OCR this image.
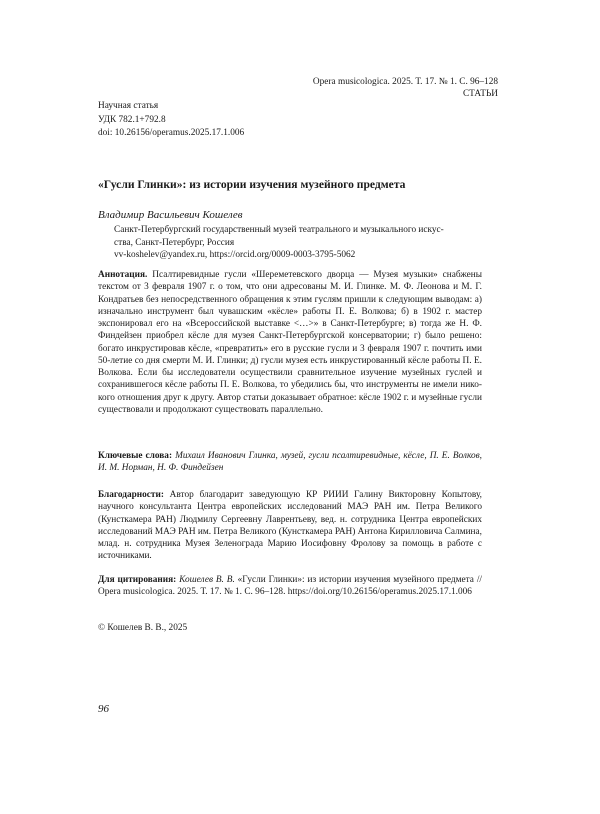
Opera musicologica. 2025. Т. 17. № 1. С. 96–128
СТАТЬИ
Научная статья
УДК 782.1+792.8
doi: 10.26156/operamus.2025.17.1.006
«Гусли Глинки»: из истории изучения музейного предмета
Владимир Васильевич Кошелев
Санкт-Петербургский государственный музей театрального и музыкального искус-
ства, Санкт-Петербург, Россия
vv-koshelev@yandex.ru, https://orcid.org/0009-0003-3795-5062
Аннотация. Псалтиревидные гусли «Шереметевского дворца — Музея музыки» снаб­жены текстом от 3 февраля 1907 г. о том, что они адресованы М. И. Глинке. М. Ф. Лео­нова и М. Г. Кондратьев без непосредственного обращения к этим гуслям пришли к следующим выводам: а) изначально инструмент был чувашским «кёсле» работы П. Е. Волкова; б) в 1902 г. мастер экспонировал его на «Всероссийской выставке <…>» в Санкт-Петербурге; в) тогда же Н. Ф. Финдейзен приобрел кёсле для музея Санкт-Петербургской консерватории; г) было решено: богато инкрустировав кёсле, «пре­вратить» его в русские гусли и 3 февраля 1907 г. почтить ими 50-летие со дня смерти М. И. Глинки; д) гусли музея есть инкрустированный кёсле работы П. Е. Волкова. Если бы исследователи осуществили сравнительное изучение музейных гуслей и сохранив­шегося кёсле работы П. Е. Волкова, то убедились бы, что инструменты не имели нико­кого отношения друг к другу. Автор статьи доказывает обратное: кёсле 1902 г. и музей­ные гусли существовали и продолжают существовать параллельно.
Ключевые слова: Михаил Иванович Глинка, музей, гусли псалтиревидные, кёсле, П. Е. Волков, И. М. Норман, Н. Ф. Финдейзен
Благодарности: Автор благодарит заведующую КР РИИИ Галину Викторовну Копы­тову, научного консультанта Центра европейских исследований МАЭ РАН им. Петра Великого (Кунсткамера РАН) Людмилу Сергеевну Лаврентьеву, вед. н. сотрудника Центра европейских исследований МАЭ РАН им. Петра Великого (Кунсткамера РАН) Антона Кирилловича Салмина, млад. н. сотрудника Музея Зеленограда Марию Иоси­фовну Фролову за помощь в работе с источниками.
Для цитирования: Кошелев В. В. «Гусли Глинки»: из истории изучения музейного предмета // Opera musicologica. 2025. Т. 17. № 1. С. 96–128. https://doi.org/10.26156/operamus.2025.17.1.006
© Кошелев В. В., 2025
96
